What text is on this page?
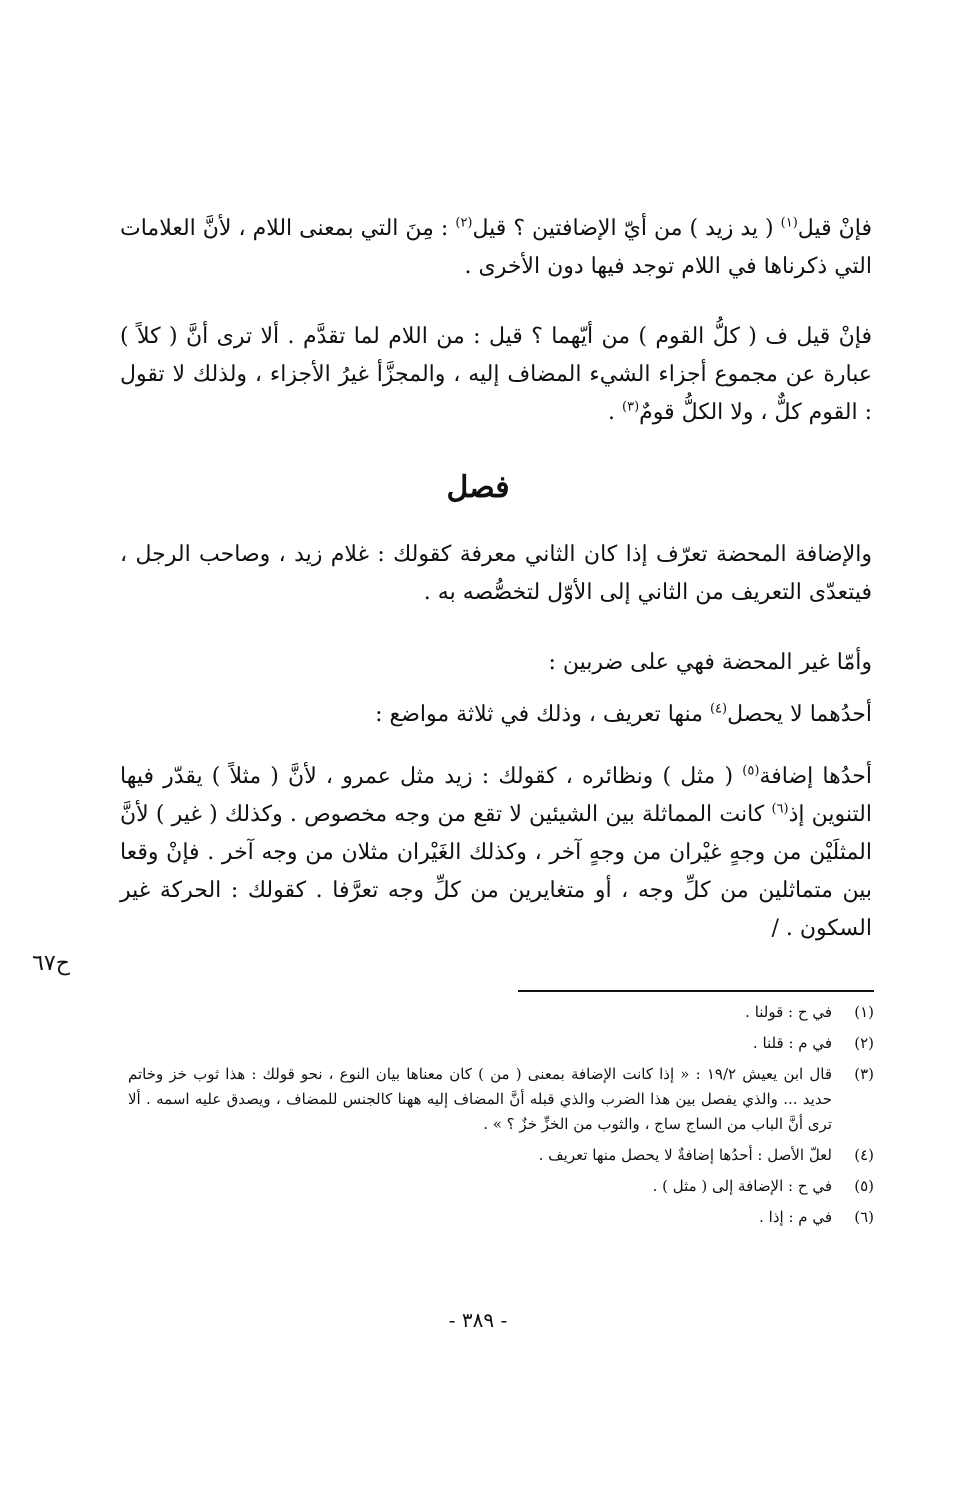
فإنْ قيل$^{(١)}$ ( يد زيد ) من أيّ الإضافتين ؟ قيل$^{(٢)}$ : مِنَ التي بمعنى اللام ، لأنَّ العلامات التي ذكرناها في اللام توجد فيها دون الأخرى .

فإنْ قيل ف ( كلُّ القوم ) من أيّهما ؟ قيل : من اللام لما تقدَّم . ألا ترى أنَّ ( كلاً ) عبارة عن مجموع أجزاء الشيء المضاف إليه ، والمجزَّأ غيرُ الأجزاء ، ولذلك لا تقول : القوم كلٌّ ، ولا الكلُّ قومٌ$^{(٣)}$ .

فصل

والإضافة المحضة تعرّف إذا كان الثاني معرفة كقولك : غلام زيد ، وصاحب الرجل ، فيتعدّى التعريف من الثاني إلى الأوّل لتخصُّصه به .

وأمّا غير المحضة فهي على ضربين :

أحدُهما لا يحصل$^{(٤)}$ منها تعريف ، وذلك في ثلاثة مواضع :

أحدُها إضافة$^{(٥)}$ ( مثل ) ونظائره ، كقولك : زيد مثل عمرو ، لأنَّ ( مثلاً ) يقدّر فيها التنوين إذ$^{(٦)}$ كانت المماثلة بين الشيئين لا تقع من وجه مخصوص . وكذلك ( غير ) لأنَّ المثلَيْن من وجهٍ غيْران من وجهٍ آخر ، وكذلك الغَيْران مثلان من وجه آخر . فإنْ وقعا بين متماثلين من كلِّ وجه ، أو متغايرين من كلِّ وجه تعرَّفا . كقولك : الحركة غير السكون . /

ح٦٧
(١)
في ح : قولنا .
(٢)
في م : قلنا .
(٣)
قال ابن يعيش ١٩/٢ : « إذا كانت الإضافة بمعنى ( من ) كان معناها بيان النوع ، نحو قولك : هذا ثوب خز وخاتم حديد ... والذي يفصل بين هذا الضرب والذي قبله أنَّ المضاف إليه ههنا كالجنس للمضاف ، ويصدق عليه اسمه . ألا ترى أنَّ الباب من الساج ساج ، والثوب من الخزِّ خزٌ ؟ » .
(٤)
لعلّ الأصل : أحدُها إضافةٌ لا يحصل منها تعريف .
(٥)
في ح : الإضافة إلى ( مثل ) .
(٦)
في م : إذا .
- ٣٨٩ -
